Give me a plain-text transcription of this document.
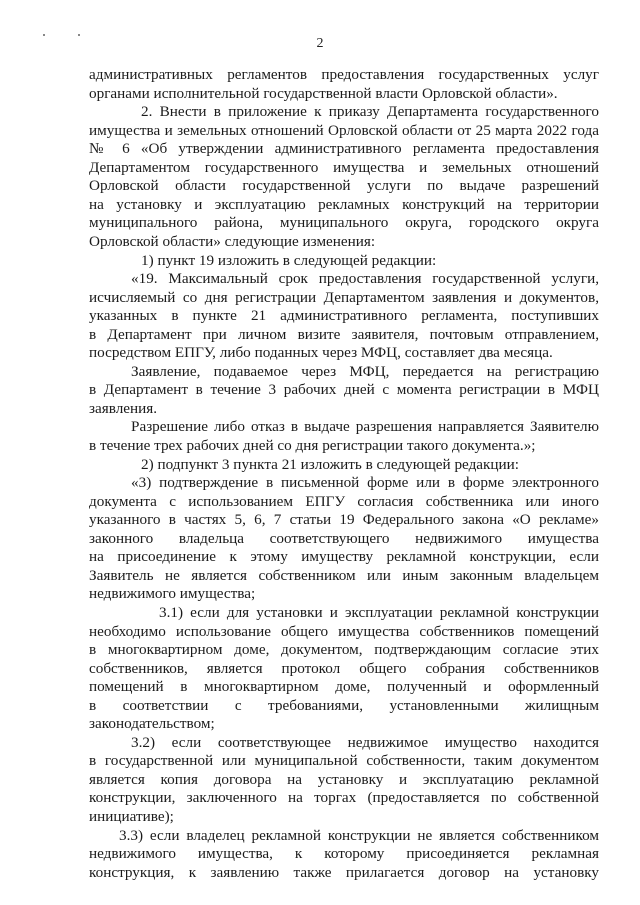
2
административных регламентов предоставления государственных услуг
органами исполнительной государственной власти Орловской области».
2. Внести в приложение к приказу Департамента государственного
имущества и земельных отношений Орловской области от 25 марта 2022 года
№ 6 «Об утверждении административного регламента предоставления
Департаментом государственного имущества и земельных отношений
Орловской области государственной услуги по выдаче разрешений
на установку и эксплуатацию рекламных конструкций на территории
муниципального района, муниципального округа, городского округа
Орловской области» следующие изменения:
1) пункт 19 изложить в следующей редакции:
«19. Максимальный срок предоставления государственной услуги,
исчисляемый со дня регистрации Департаментом заявления и документов,
указанных в пункте 21 административного регламента, поступивших
в Департамент при личном визите заявителя, почтовым отправлением,
посредством ЕПГУ, либо поданных через МФЦ, составляет два месяца.
Заявление, подаваемое через МФЦ, передается на регистрацию
в Департамент в течение 3 рабочих дней с момента регистрации в МФЦ
заявления.
Разрешение либо отказ в выдаче разрешения направляется Заявителю
в течение трех рабочих дней со дня регистрации такого документа.»;
2) подпункт 3 пункта 21 изложить в следующей редакции:
«3) подтверждение в письменной форме или в форме электронного
документа с использованием ЕПГУ согласия собственника или иного
указанного в частях 5, 6, 7 статьи 19 Федерального закона «О рекламе»
законного владельца соответствующего недвижимого имущества
на присоединение к этому имуществу рекламной конструкции, если
Заявитель не является собственником или иным законным владельцем
недвижимого имущества;
3.1) если для установки и эксплуатации рекламной конструкции
необходимо использование общего имущества собственников помещений
в многоквартирном доме, документом, подтверждающим согласие этих
собственников, является протокол общего собрания собственников
помещений в многоквартирном доме, полученный и оформленный
в соответствии с требованиями, установленными жилищным
законодательством;
3.2) если соответствующее недвижимое имущество находится
в государственной или муниципальной собственности, таким документом
является копия договора на установку и эксплуатацию рекламной
конструкции, заключенного на торгах (предоставляется по собственной
инициативе);
3.3) если владелец рекламной конструкции не является собственником
недвижимого имущества, к которому присоединяется рекламная
конструкция, к заявлению также прилагается договор на установку
